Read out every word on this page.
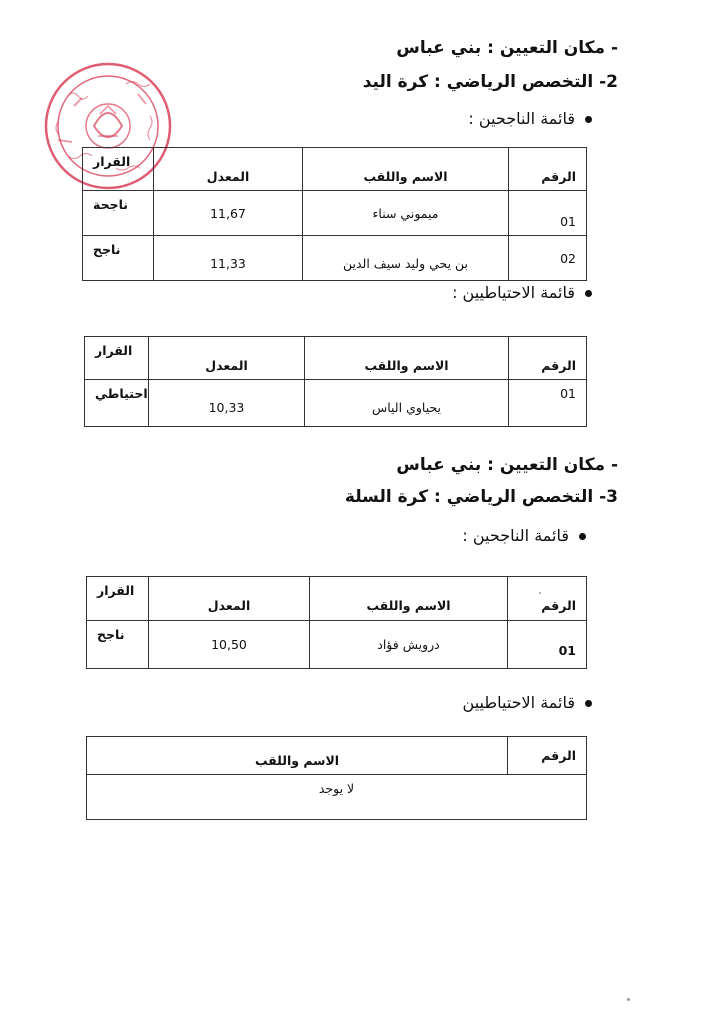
- مكان التعيين : بني عباس
2- التخصص الرياضي : كرة اليد
قائمة الناجحين :
الرقم	الاسم واللقب	المعدل	القرار
01	ميموني سناء	11,67	ناجحة
02	بن يحي وليد سيف الدين	11,33	ناجح
قائمة الاحتياطيين :
الرقم	الاسم واللقب	المعدل	القرار
01	يحياوي الياس	10,33	احتياطي
- مكان التعيين : بني عباس
3- التخصص الرياضي : كرة السلة
قائمة الناجحين :
الرقم	الاسم واللقب	المعدل	القرار
01	درويش فؤاد	10,50	ناجح
قائمة الاحتياطيين
الرقم	الاسم واللقب
لا يوجد
